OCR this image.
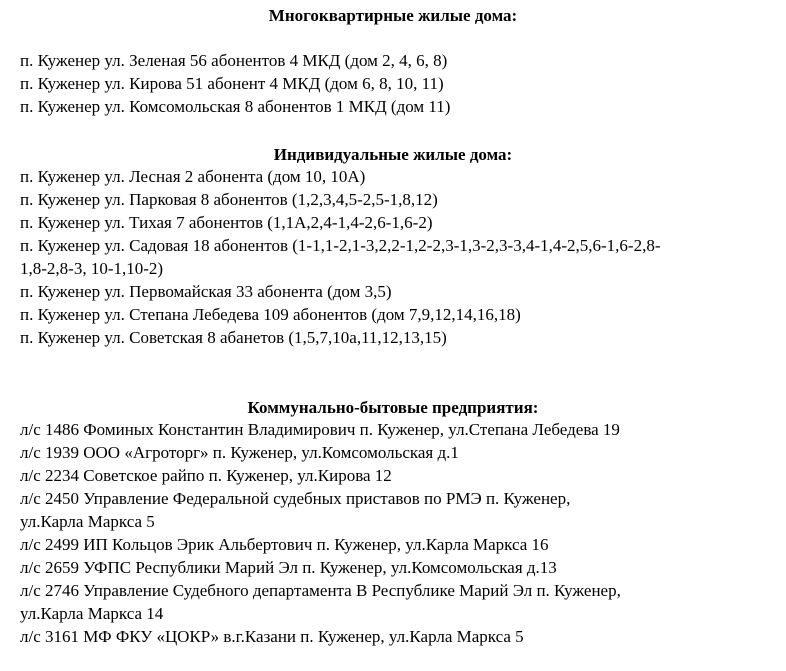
Многоквартирные жилые дома:
п. Куженер ул. Зеленая 56 абонентов 4 МКД (дом 2, 4, 6, 8)
п. Куженер ул. Кирова 51 абонент 4 МКД (дом 6, 8, 10, 11)
п. Куженер ул. Комсомольская 8 абонентов 1 МКД (дом 11)
Индивидуальные жилые дома:
п. Куженер ул. Лесная 2 абонента (дом 10, 10А)
п. Куженер ул. Парковая 8 абонентов (1,2,3,4,5-2,5-1,8,12)
п. Куженер ул. Тихая 7 абонентов (1,1А,2,4-1,4-2,6-1,6-2)
п. Куженер ул. Садовая 18 абонентов (1-1,1-2,1-3,2,2-1,2-2,3-1,3-2,3-3,4-1,4-2,5,6-1,6-2,8-
1,8-2,8-3, 10-1,10-2)
п. Куженер ул. Первомайская 33 абонента (дом 3,5)
п. Куженер ул. Степана Лебедева 109 абонентов (дом 7,9,12,14,16,18)
п. Куженер ул. Советская 8 абанетов (1,5,7,10а,11,12,13,15)
Коммунально-бытовые предприятия:
л/с 1486 Фоминых Константин Владимирович п. Куженер, ул.Степана Лебедева 19
л/с 1939 ООО «Агроторг» п. Куженер, ул.Комсомольская д.1
л/с 2234 Советское райпо п. Куженер, ул.Кирова 12
л/с 2450 Управление Федеральной судебных приставов по РМЭ п. Куженер,
ул.Карла Маркса 5
л/с 2499 ИП Кольцов Эрик Альбертович п. Куженер, ул.Карла Маркса 16
л/с 2659 УФПС Республики Марий Эл п. Куженер, ул.Комсомольская д.13
л/с 2746 Управление Судебного департамента В Республике Марий Эл п. Куженер,
ул.Карла Маркса 14
л/с 3161 МФ ФКУ «ЦОКР» в.г.Казани п. Куженер, ул.Карла Маркса 5
